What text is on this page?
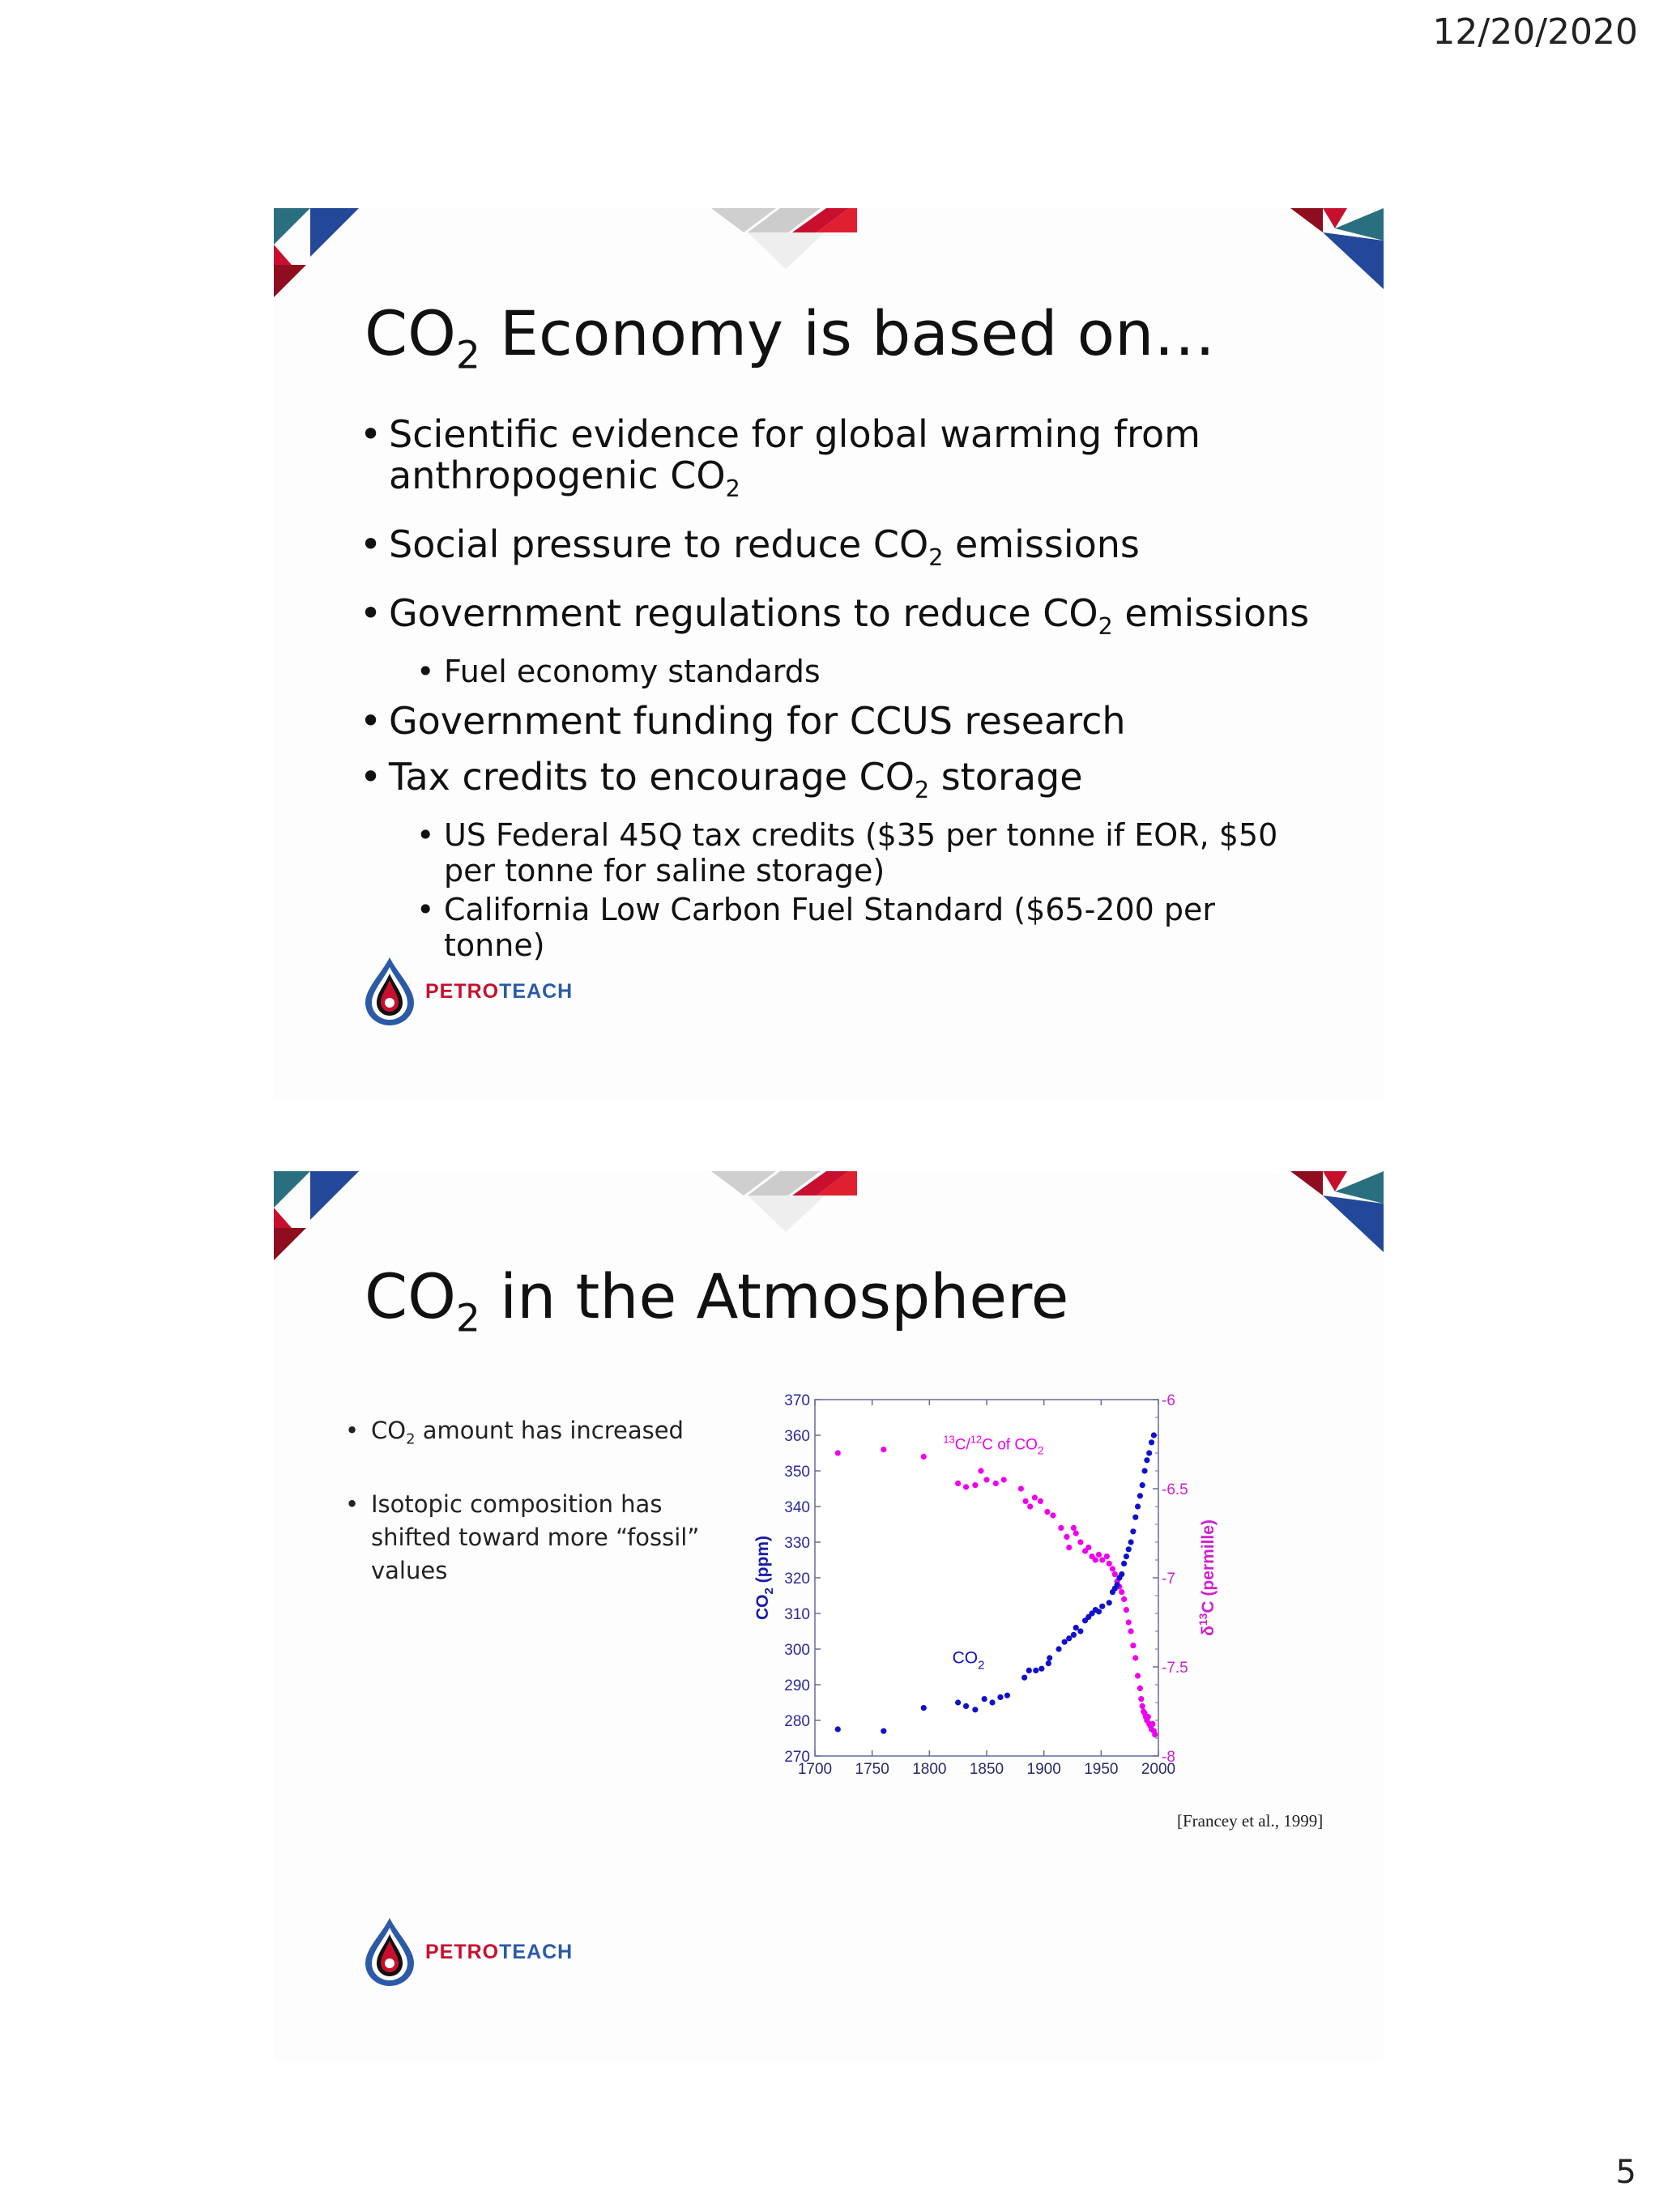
12/20/2020
$CO_2$ Economy is based on…
• Scientific evidence for global warming from anthropogenic $CO_2$
• Social pressure to reduce $CO_2$ emissions
• Government regulations to reduce $CO_2$ emissions
• Fuel economy standards
• Government funding for CCUS research
• Tax credits to encourage $CO_2$ storage
• US Federal 45Q tax credits ($35 per tonne if EOR, $50 per tonne for saline storage)
• California Low Carbon Fuel Standard ($65-200 per tonne)
PETROTEACH
$CO_2$ in the Atmosphere
• $CO_2$ amount has increased
• Isotopic composition has shifted toward more “fossil” values
1700 1750 1800 1850 1900 1950 2000
270
280
290
300
310
320
330
340
350
360
370
-8
-7.5
-7
-6.5
-6
$CO_2$ (ppm)
$\delta^{13}C$ (permille)
$CO_2$
$^{13}$C/$^{12}$C of $CO_2$
[Francey et al., 1999]
PETROTEACH
5
